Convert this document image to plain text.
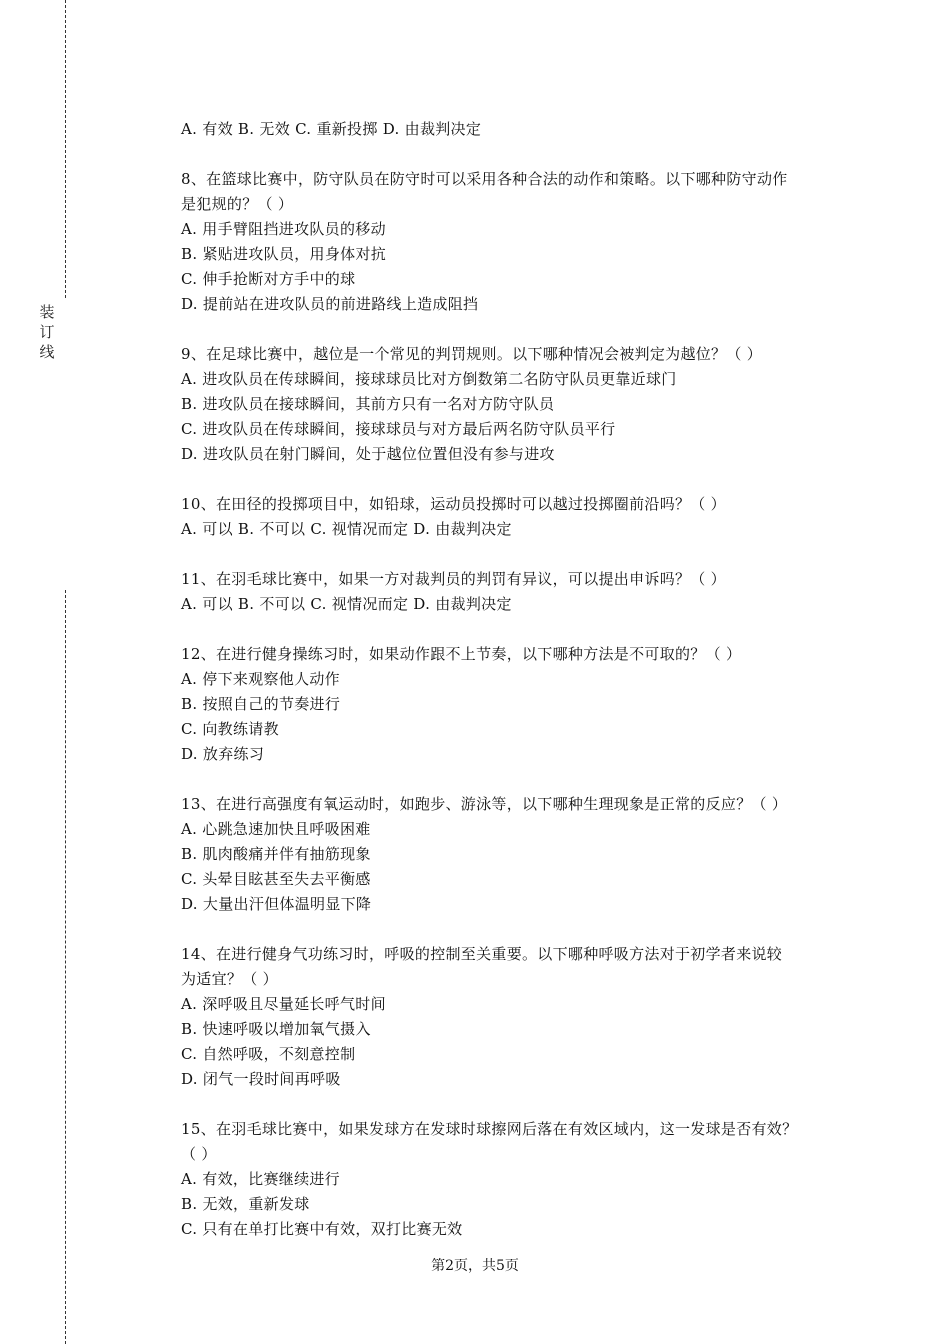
装
订
线
A. 有效 B. 无效 C. 重新投掷 D. 由裁判决定
8、在篮球比赛中，防守队员在防守时可以采用各种合法的动作和策略。以下哪种防守动作
是犯规的？（ ）
A. 用手臂阻挡进攻队员的移动
B. 紧贴进攻队员，用身体对抗
C. 伸手抢断对方手中的球
D. 提前站在进攻队员的前进路线上造成阻挡
9、在足球比赛中，越位是一个常见的判罚规则。以下哪种情况会被判定为越位？（ ）
A. 进攻队员在传球瞬间，接球球员比对方倒数第二名防守队员更靠近球门
B. 进攻队员在接球瞬间，其前方只有一名对方防守队员
C. 进攻队员在传球瞬间，接球球员与对方最后两名防守队员平行
D. 进攻队员在射门瞬间，处于越位位置但没有参与进攻
10、在田径的投掷项目中，如铅球，运动员投掷时可以越过投掷圈前沿吗？（ ）
A. 可以 B. 不可以 C. 视情况而定 D. 由裁判决定
11、在羽毛球比赛中，如果一方对裁判员的判罚有异议，可以提出申诉吗？（ ）
A. 可以 B. 不可以 C. 视情况而定 D. 由裁判决定
12、在进行健身操练习时，如果动作跟不上节奏，以下哪种方法是不可取的？（ ）
A. 停下来观察他人动作
B. 按照自己的节奏进行
C. 向教练请教
D. 放弃练习
13、在进行高强度有氧运动时，如跑步、游泳等，以下哪种生理现象是正常的反应？（ ）
A. 心跳急速加快且呼吸困难
B. 肌肉酸痛并伴有抽筋现象
C. 头晕目眩甚至失去平衡感
D. 大量出汗但体温明显下降
14、在进行健身气功练习时，呼吸的控制至关重要。以下哪种呼吸方法对于初学者来说较
为适宜？（ ）
A. 深呼吸且尽量延长呼气时间
B. 快速呼吸以增加氧气摄入
C. 自然呼吸，不刻意控制
D. 闭气一段时间再呼吸
15、在羽毛球比赛中，如果发球方在发球时球擦网后落在有效区域内，这一发球是否有效？
（ ）
A. 有效，比赛继续进行
B. 无效，重新发球
C. 只有在单打比赛中有效，双打比赛无效
第2页，共5页
